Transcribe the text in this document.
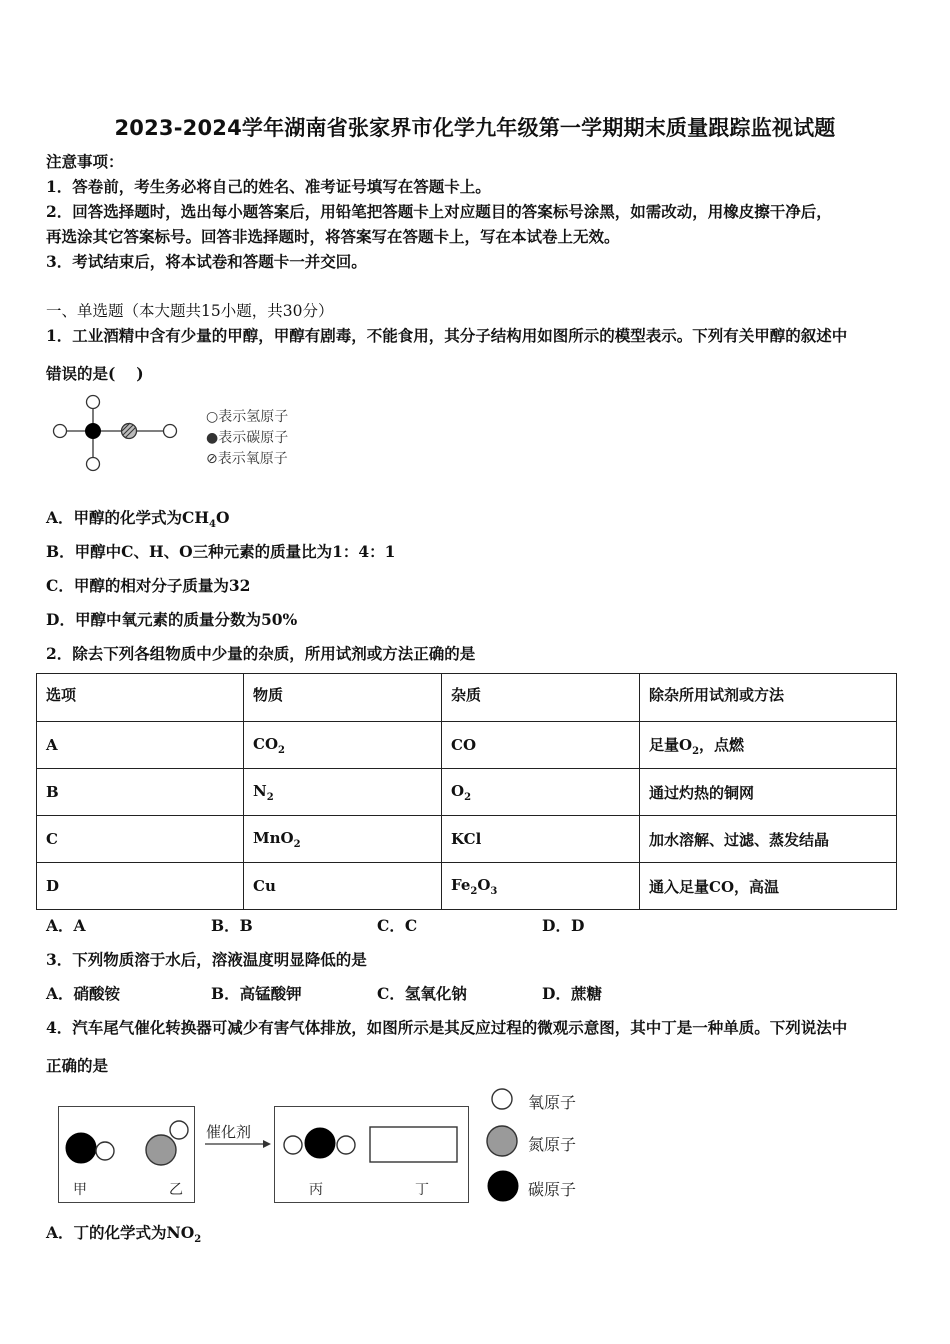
2023-2024学年湖南省张家界市化学九年级第一学期期末质量跟踪监视试题
注意事项：
1．答卷前，考生务必将自己的姓名、准考证号填写在答题卡上。
2．回答选择题时，选出每小题答案后，用铅笔把答题卡上对应题目的答案标号涂黑，如需改动，用橡皮擦干净后，
再选涂其它答案标号。回答非选择题时，将答案写在答题卡上，写在本试卷上无效。
3．考试结束后，将本试卷和答题卡一并交回。
一、单选题（本大题共15小题，共30分）
1．工业酒精中含有少量的甲醇，甲醇有剧毒，不能食用，其分子结构用如图所示的模型表示。下列有关甲醇的叙述中
错误的是(　 )
○表示氢原子
●表示碳原子
⊘表示氧原子
A．甲醇的化学式为$CH_4O$
B．甲醇中C、H、O三种元素的质量比为1：4：1
C．甲醇的相对分子质量为32
D．甲醇中氧元素的质量分数为50%
2．除去下列各组物质中少量的杂质，所用试剂或方法正确的是
选项	物质	杂质	除杂所用试剂或方法
A	$CO_2$	CO	足量$O_2$，点燃
B	$N_2$	$O_2$	通过灼热的铜网
C	MnO$_2$	KCl	加水溶解、过滤、蒸发结晶
D	Cu	$Fe_2O_3$	通入足量CO，高温
A．A	B．B	C．C	D．D
3．下列物质溶于水后，溶液温度明显降低的是
A．硝酸铵	B．高锰酸钾	C．氢氧化钠	D．蔗糖
4．汽车尾气催化转换器可减少有害气体排放，如图所示是其反应过程的微观示意图，其中丁是一种单质。下列说法中
正确的是
甲	乙
催化剂
丙	丁
氧原子
氮原子
碳原子
A．丁的化学式为$NO_2$
